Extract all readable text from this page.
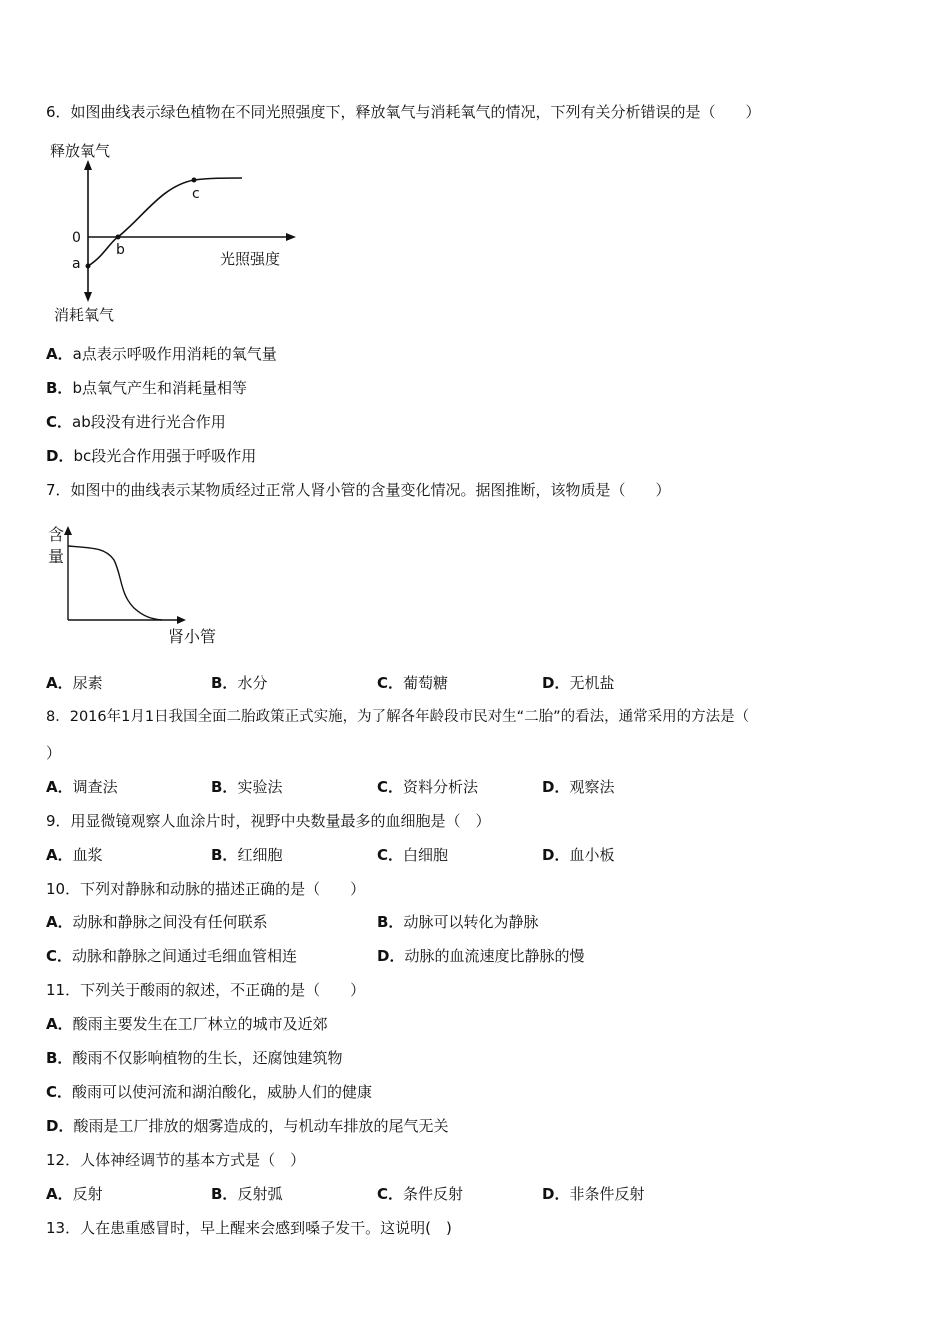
6．如图曲线表示绿色植物在不同光照强度下，释放氧气与消耗氧气的情况，下列有关分析错误的是（　　）
释放氧气
消耗氧气
光照强度
0
a
b
c
A．a点表示呼吸作用消耗的氧气量
B．b点氧气产生和消耗量相等
C．ab段没有进行光合作用
D．bc段光合作用强于呼吸作用
7．如图中的曲线表示某物质经过正常人肾小管的含量变化情况。据图推断，该物质是（　　）
含
量
肾小管
A．尿素	B．水分	C．葡萄糖	D．无机盐
8．2016年1月1日我国全面二胎政策正式实施，为了解各年龄段市民对生“二胎”的看法，通常采用的方法是（
）
A．调查法	B．实验法	C．资料分析法	D．观察法
9．用显微镜观察人血涂片时，视野中央数量最多的血细胞是（　）
A．血浆	B．红细胞	C．白细胞	D．血小板
10．下列对静脉和动脉的描述正确的是（　　）
A．动脉和静脉之间没有任何联系	B．动脉可以转化为静脉
C．动脉和静脉之间通过毛细血管相连	D．动脉的血流速度比静脉的慢
11．下列关于酸雨的叙述，不正确的是（　　）
A．酸雨主要发生在工厂林立的城市及近郊
B．酸雨不仅影响植物的生长，还腐蚀建筑物
C．酸雨可以使河流和湖泊酸化，威胁人们的健康
D．酸雨是工厂排放的烟雾造成的，与机动车排放的尾气无关
12．人体神经调节的基本方式是（　）
A．反射	B．反射弧	C．条件反射	D．非条件反射
13．人在患重感冒时，早上醒来会感到嗓子发干。这说明(　)
